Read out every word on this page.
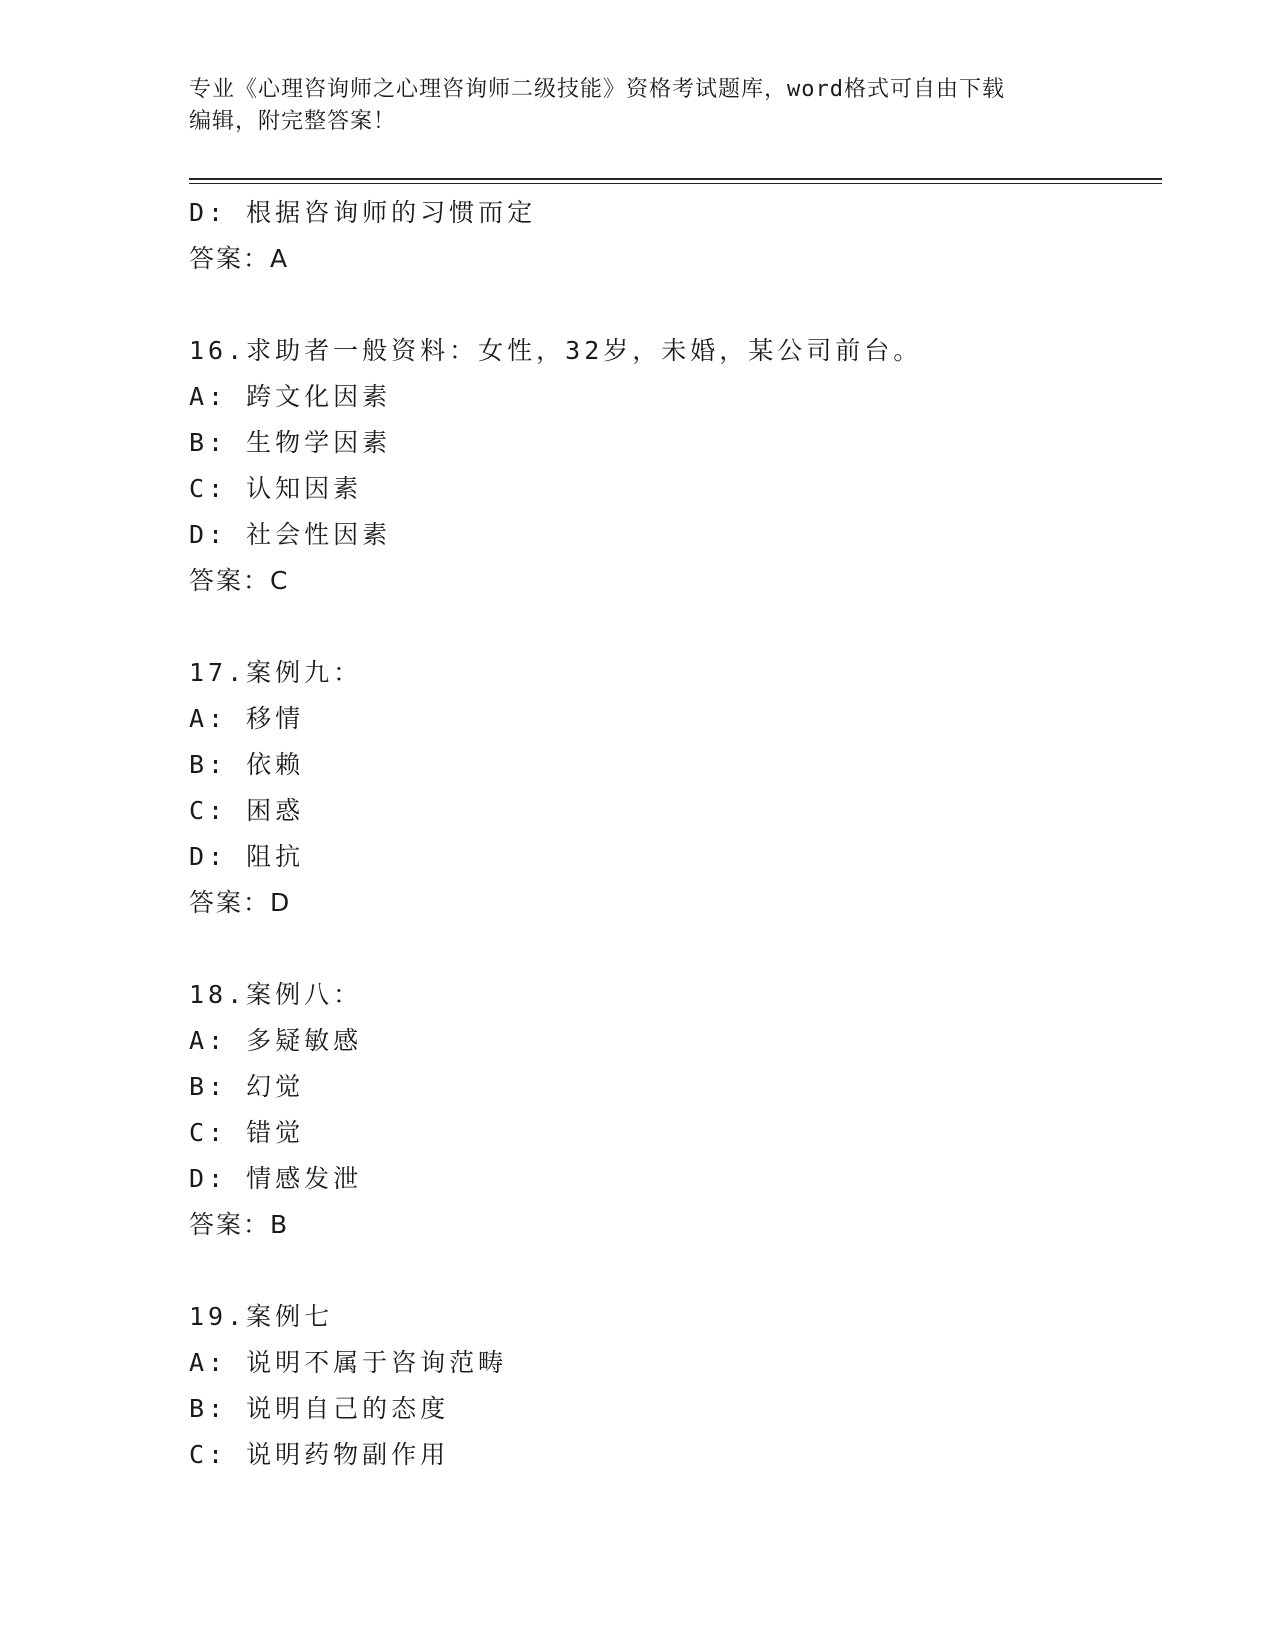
专业《心理咨询师之心理咨询师二级技能》资格考试题库，word格式可自由下载
编辑，附完整答案！
D: 根据咨询师的习惯而定
答案：A
16.求助者一般资料：女性，32岁，未婚，某公司前台。
A: 跨文化因素
B: 生物学因素
C: 认知因素
D: 社会性因素
答案：C
17.案例九：
A: 移情
B: 依赖
C: 困惑
D: 阻抗
答案：D
18.案例八：
A: 多疑敏感
B: 幻觉
C: 错觉
D: 情感发泄
答案：B
19.案例七
A: 说明不属于咨询范畴
B: 说明自己的态度
C: 说明药物副作用
